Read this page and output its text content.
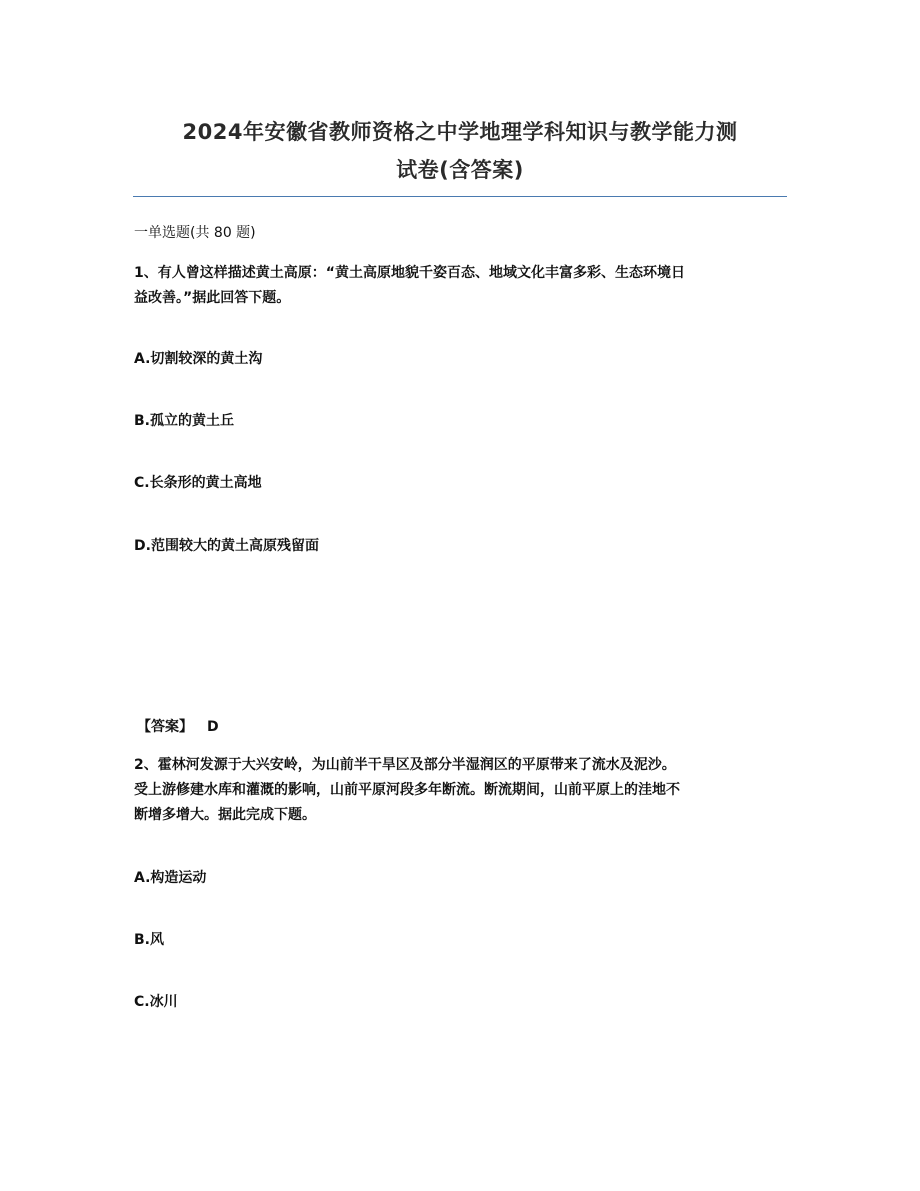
2024年安徽省教师资格之中学地理学科知识与教学能力测
试卷(含答案)
一单选题(共 80 题)
1、有人曾这样描述黄土高原：“黄土高原地貌千姿百态、地域文化丰富多彩、生态环境日
益改善。”据此回答下题。
A.切割较深的黄土沟
B.孤立的黄土丘
C.长条形的黄土高地
D.范围较大的黄土高原残留面
【答案】 D
2、霍林河发源于大兴安岭，为山前半干旱区及部分半湿润区的平原带来了流水及泥沙。
受上游修建水库和灌溉的影响，山前平原河段多年断流。断流期间，山前平原上的洼地不
断增多增大。据此完成下题。
A.构造运动
B.风
C.冰川
